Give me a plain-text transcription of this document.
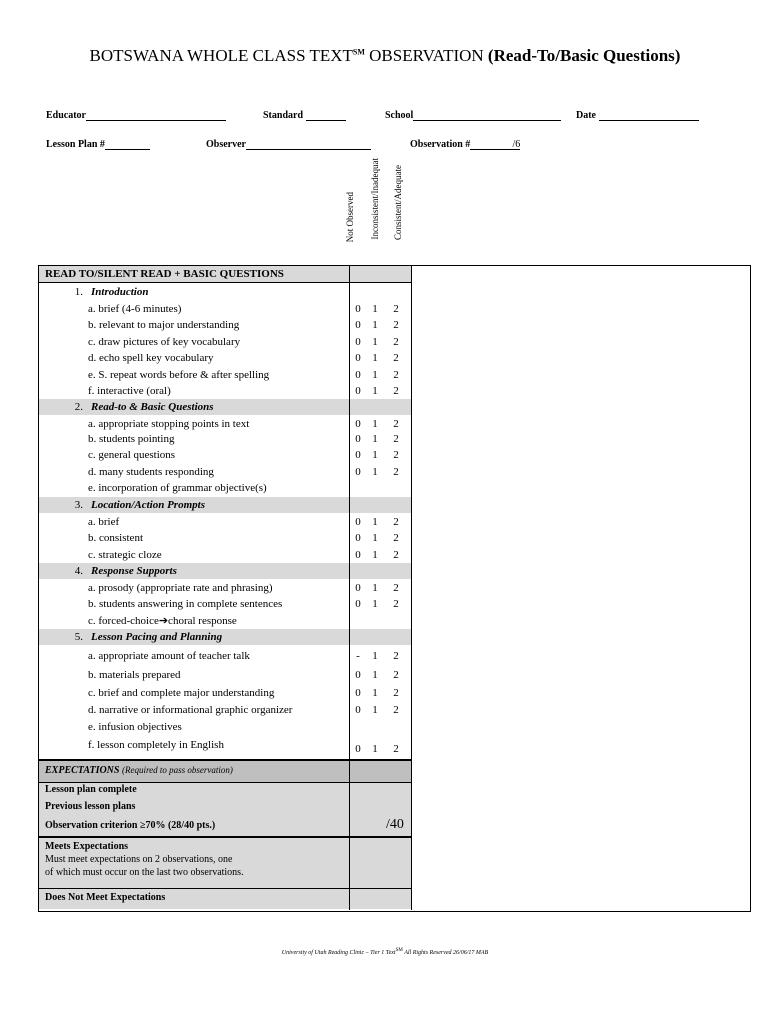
BOTSWANA WHOLE CLASS TEXT℠ OBSERVATION (Read-To/Basic Questions)
Educator	Standard	School	Date
Lesson Plan #	Observer	Observation #	/6
Not Observed Inconsistent/Inadequat Consistent/Adequate
READ TO/SILENT READ + BASIC QUESTIONS
1. Introduction
a. brief (4-6 minutes)	0 1 2
b. relevant to major understanding	0 1 2
c. draw pictures of key vocabulary	0 1 2
d. echo spell key vocabulary	0 1 2
e. S. repeat words before & after spelling	0 1 2
f. interactive (oral)	0 1 2
2. Read-to & Basic Questions
a. appropriate stopping points in text	0 1 2
b. students pointing	0 1 2
c. general questions	0 1 2
d. many students responding	0 1 2
e. incorporation of grammar objective(s)
3. Location/Action Prompts
a. brief	0 1 2
b. consistent	0 1 2
c. strategic cloze	0 1 2
4. Response Supports
a. prosody (appropriate rate and phrasing)	0 1 2
b. students answering in complete sentences	0 1 2
c. forced-choice➔choral response
5. Lesson Pacing and Planning
a. appropriate amount of teacher talk	- 1 2
b. materials prepared	0 1 2
c. brief and complete major understanding	0 1 2
d. narrative or informational graphic organizer	0 1 2
e. infusion objectives
f. lesson completely in English	0 1 2
EXPECTATIONS (Required to pass observation)
Lesson plan complete
Previous lesson plans
Observation criterion ≥70% (28/40 pts.)	/40
Meets Expectations
Must meet expectations on 2 observations, one
of which must occur on the last two observations.
Does Not Meet Expectations
University of Utah Reading Clinic – Tier 1 Text℠ All Rights Reserved 26/06/17 MAB
